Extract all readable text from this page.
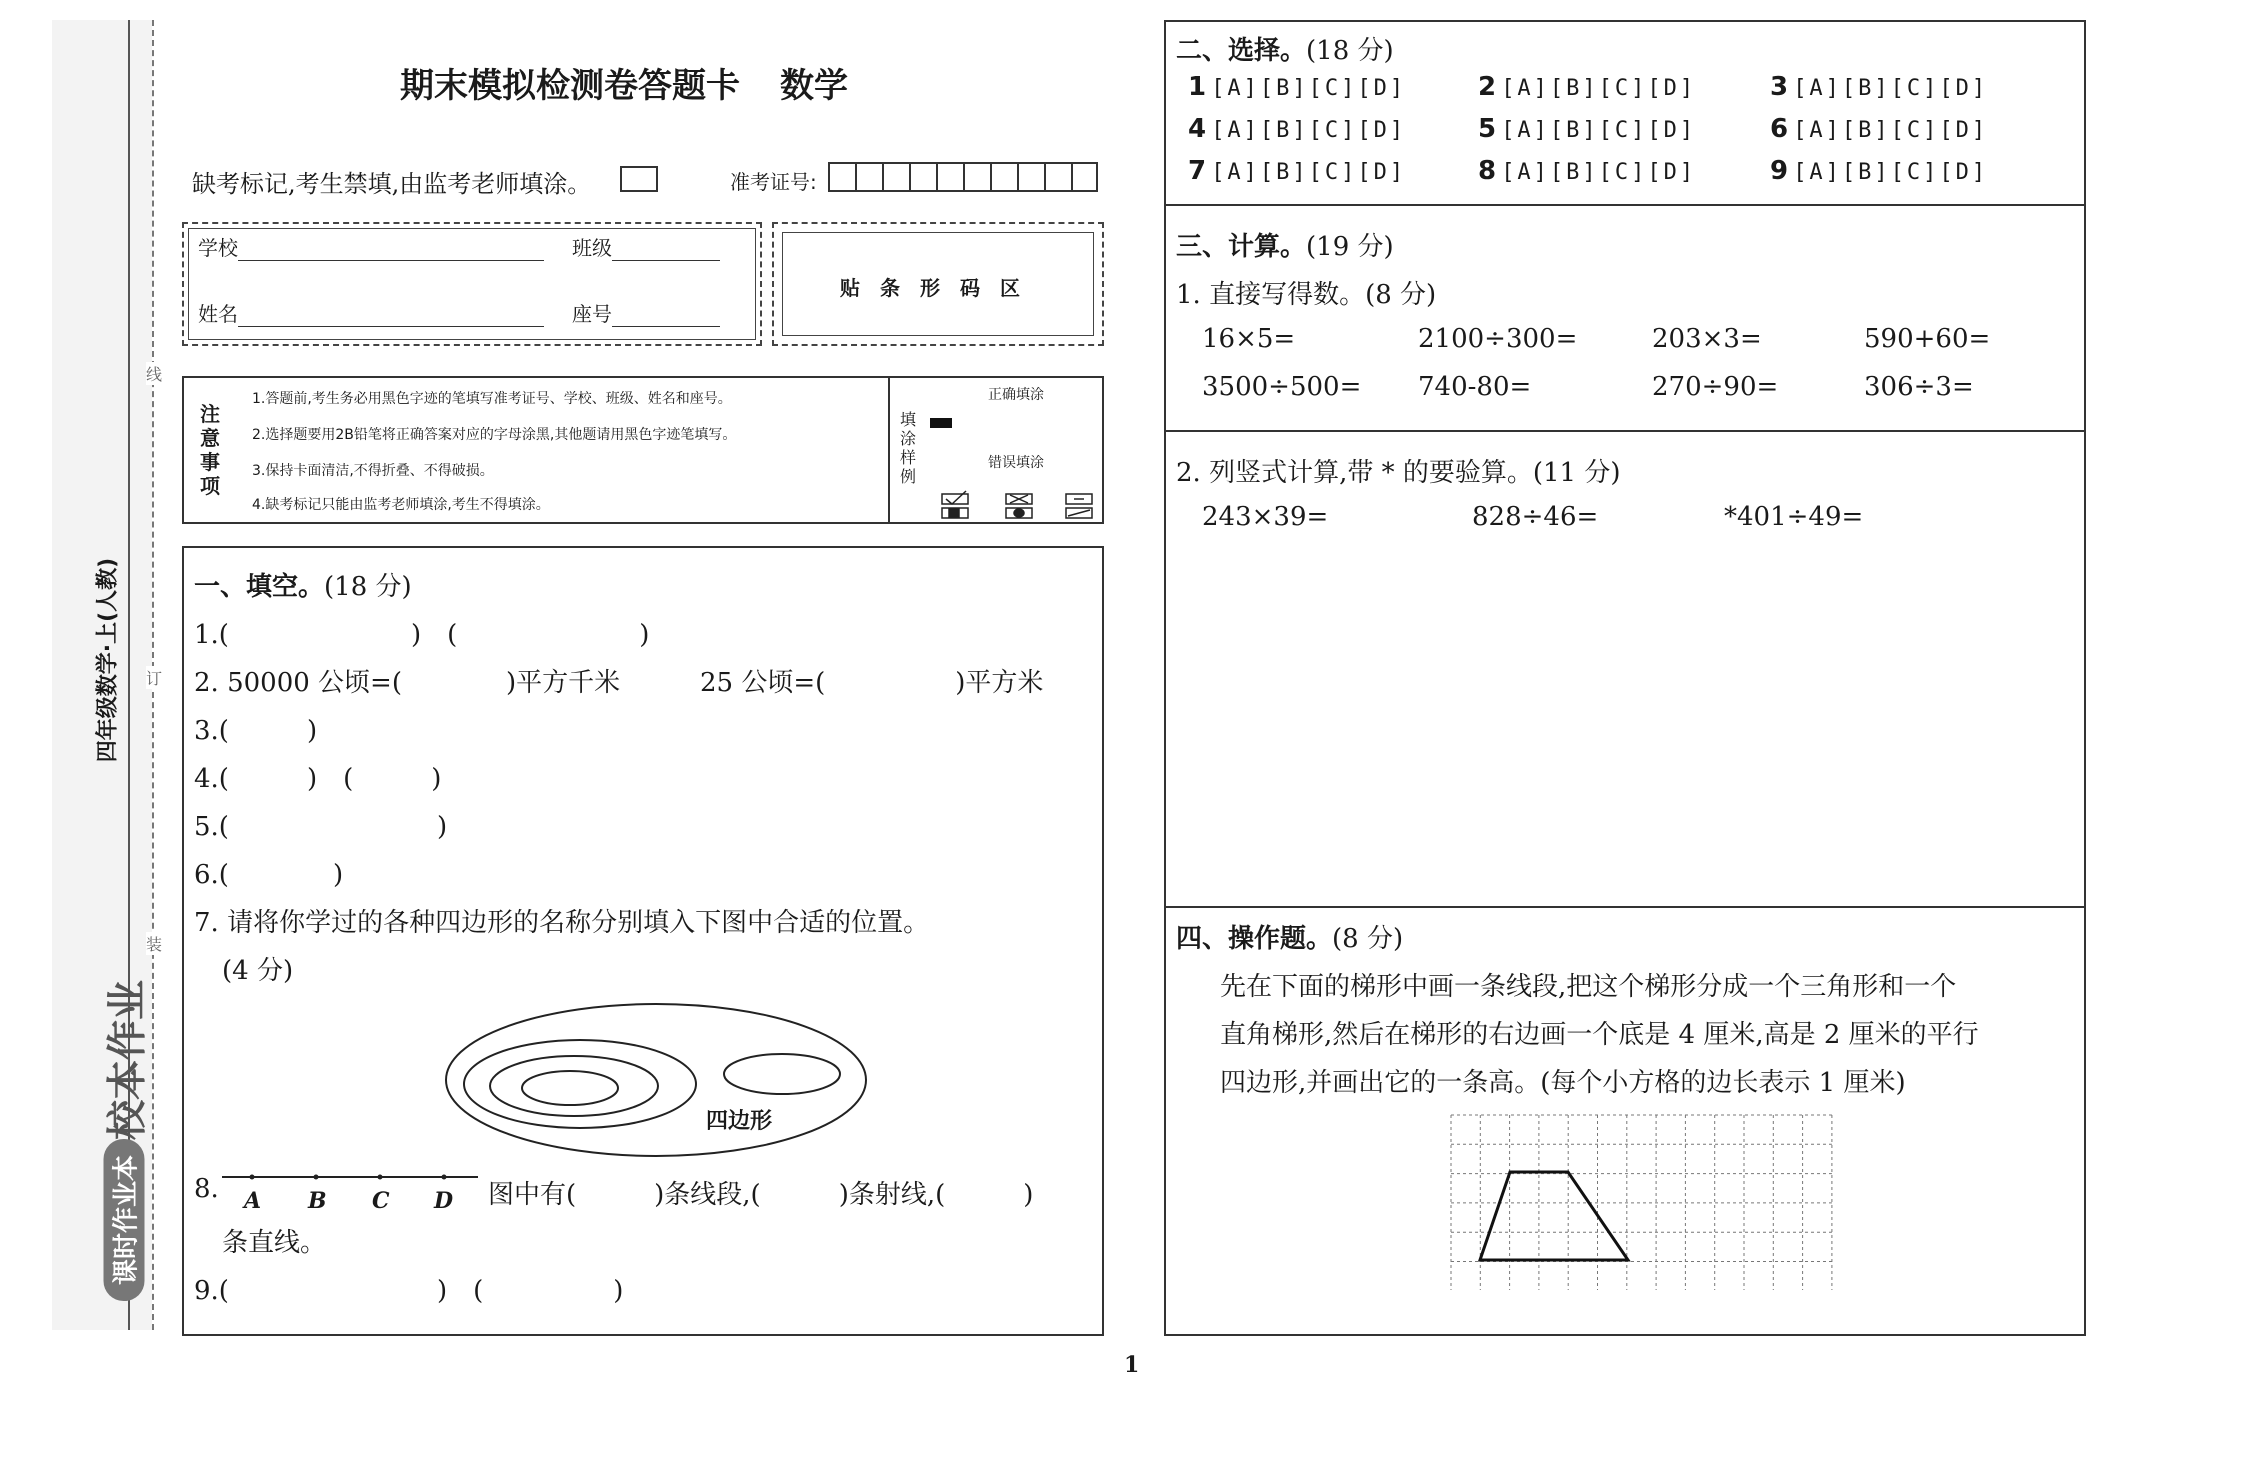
线
订
装
四年级数学·上(人教)
课时作业本
校本作业
期末模拟检测卷答题卡 数学
缺考标记,考生禁填,由监考老师填涂。	准考证号:
学校	班级
姓名	座号
贴　条　形　码　区
注意事项
1.答题前,考生务必用黑色字迹的笔填写准考证号、学校、班级、姓名和座号。
2.选择题要用2B铅笔将正确答案对应的字母涂黑,其他题请用黑色字迹笔填写。
3.保持卡面清洁,不得折叠、不得破损。
4.缺考标记只能由监考老师填涂,考生不得填涂。
填涂样例
正确填涂
错误填涂
一、填空。(18 分)
1.(　　　　　　　)　(　　　　　　　)
2. 50000 公顷=(　　　　)平方千米	25 公顷=(　　　　　)平方米
3.(　　　)
4.(　　　)　(　　　)
5.(　　　　　　　　)
6.(　　　　)
7. 请将你学过的各种四边形的名称分别填入下图中合适的位置。
(4 分)
四边形
8. A B C D 图中有(　　　)条线段,(　　　)条射线,(　　　)
条直线。
9.(　　　　　　　　)　(　　　　　)
二、选择。(18 分)
1 [A][B][C][D]	2 [A][B][C][D]	3 [A][B][C][D]
4 [A][B][C][D]	5 [A][B][C][D]	6 [A][B][C][D]
7 [A][B][C][D]	8 [A][B][C][D]	9 [A][B][C][D]
三、计算。(19 分)
1. 直接写得数。(8 分)
16×5=	2100÷300=	203×3=	590+60=
3500÷500= 740-80=	270÷90=	306÷3=
2. 列竖式计算,带 * 的要验算。(11 分)
243×39=	828÷46=	*401÷49=
四、操作题。(8 分)
先在下面的梯形中画一条线段,把这个梯形分成一个三角形和一个
直角梯形,然后在梯形的右边画一个底是 4 厘米,高是 2 厘米的平行
四边形,并画出它的一条高。(每个小方格的边长表示 1 厘米)
1
